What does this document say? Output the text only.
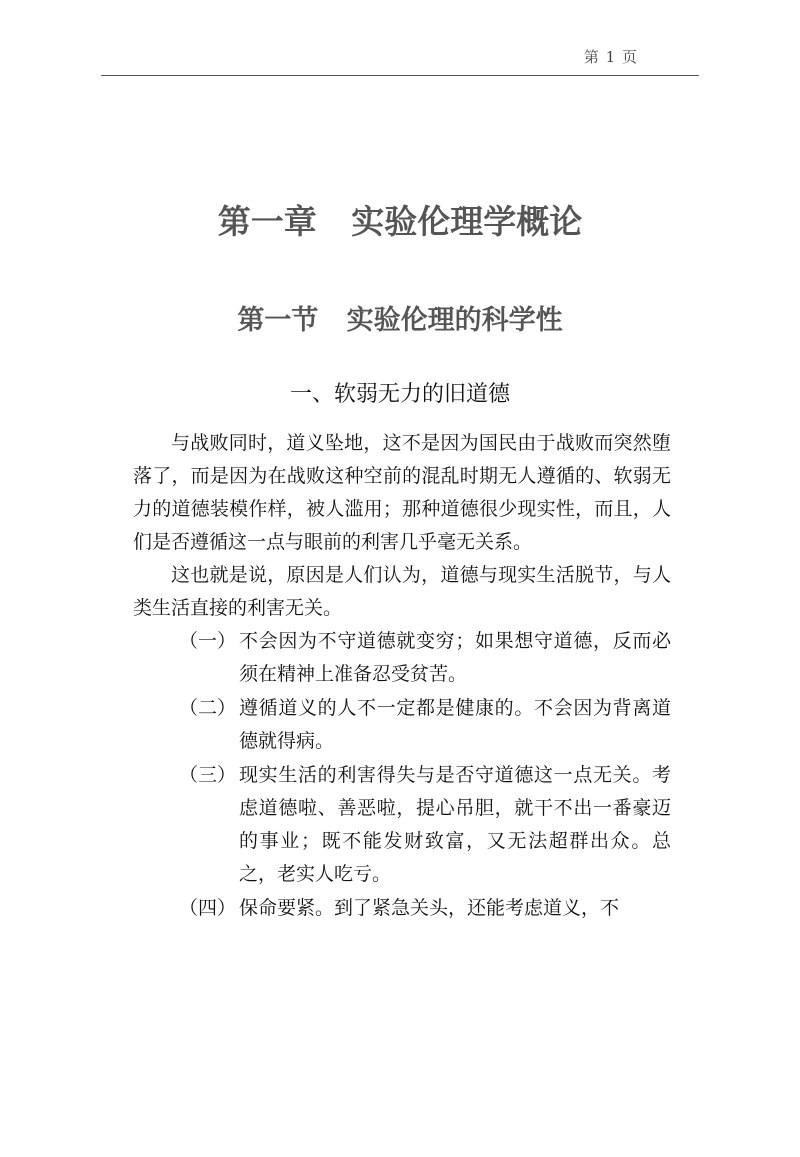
第 1 页
第一章   实验伦理学概论
第一节   实验伦理的科学性
一、软弱无力的旧道德

与战败同时，道义坠地，这不是因为国民由于战败而突然堕落了，而是因为在战败这种空前的混乱时期无人遵循的、软弱无力的道德装模作样，被人滥用；那种道德很少现实性，而且，人们是否遵循这一点与眼前的利害几乎毫无关系。

这也就是说，原因是人们认为，道德与现实生活脱节，与人类生活直接的利害无关。

（一） 不会因为不守道德就变穷；如果想守道德，反而必须在精神上准备忍受贫苦。
（二） 遵循道义的人不一定都是健康的。不会因为背离道德就得病。
（三） 现实生活的利害得失与是否守道德这一点无关。考虑道德啦、善恶啦，提心吊胆，就干不出一番豪迈的事业；既不能发财致富，又无法超群出众。总之，老实人吃亏。
（四） 保命要紧。到了紧急关头，还能考虑道义，不
